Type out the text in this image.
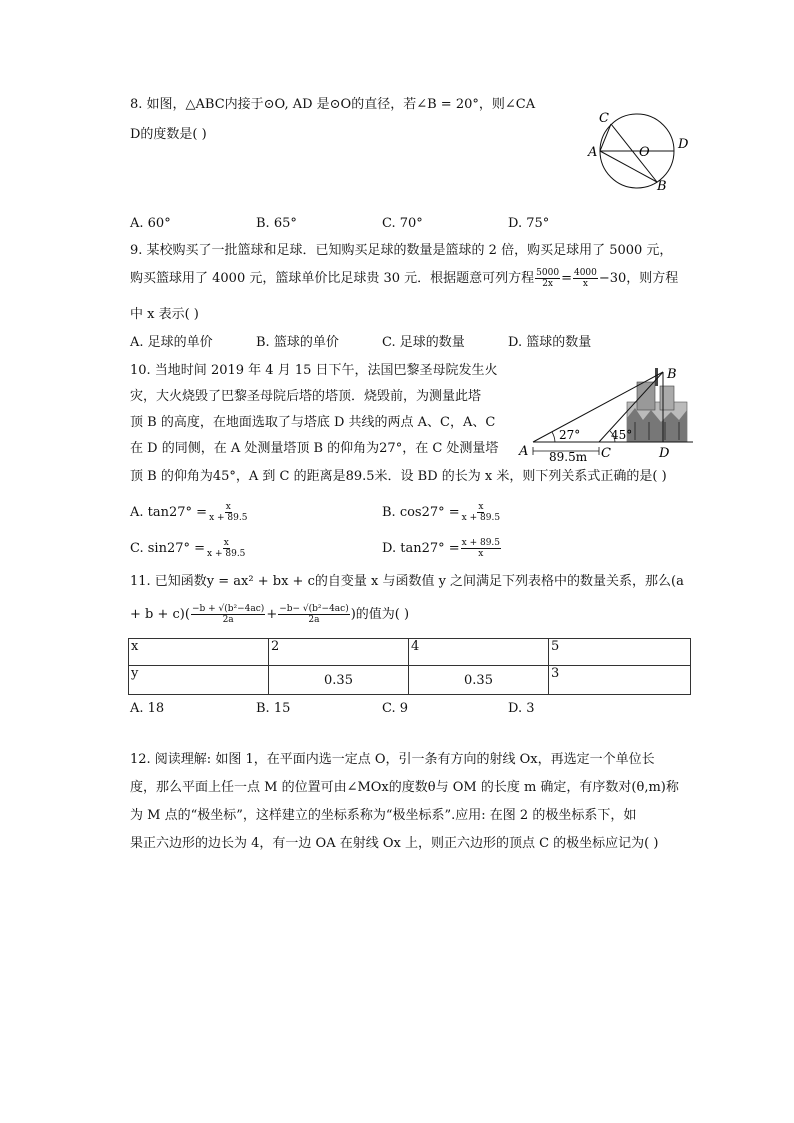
8. 如图，△ABC内接于⊙O, AD 是⊙O的直径，若∠B = 20°，则∠CA
D的度数是( )
A
B
C
D
O
A. 60°	B. 65°	C. 70°	D. 75°
9. 某校购买了一批篮球和足球．已知购买足球的数量是篮球的 2 倍，购买足球用了 5000 元，
购买篮球用了 4000 元，篮球单价比足球贵 30 元．根据题意可列方程 $\frac{5000}{2x} = \frac{4000}{x} -30$，则方程
中 x 表示( )
A. 足球的单价	B. 篮球的单价	C. 足球的数量	D. 篮球的数量
10. 当地时间 2019 年 4 月 15 日下午，法国巴黎圣母院发生火
灾，大火烧毁了巴黎圣母院后塔的塔顶．烧毁前，为测量此塔
顶 B 的高度，在地面选取了与塔底 D 共线的两点 A、C，A、C
在 D 的同侧，在 A 处测量塔顶 B 的仰角为27°，在 C 处测量塔
顶 B 的仰角为45°，A 到 C 的距离是89.5米．设 BD 的长为 x 米，则下列关系式正确的是( )
27°	45°
89.5m
A
B
C	D
A. $\tan 27^\circ = \frac{x}{x + 89.5}$	B. $\cos 27^\circ = \frac{x}{x + 89.5}$
C. $\sin 27^\circ = \frac{x}{x + 89.5}$	D. $\tan 27^\circ = \frac{x + 89.5}{x}$
11. 已知函数y = ax² + bx + c的自变量 x 与函数值 y 之间满足下列表格中的数量关系，那么(a
+ $b + c)( \frac{\text{−b + √(b²−4ac)}}{2a} + \frac{\text{−b− √(b²−4ac)}}{2a}$ )的值为( )
x	2	4	5
y	0.35	0.35	3
A. 18	B. 15	C. 9	D. 3
12. 阅读理解: 如图 1，在平面内选一定点 O，引一条有方向的射线 Ox，再选定一个单位长
度，那么平面上任一点 M 的位置可由∠MOx的度数θ与 OM 的长度 m 确定，有序数对(θ,m)称
为 M 点的“极坐标”，这样建立的坐标系称为“极坐标系”.应用: 在图 2 的极坐标系下，如
果正六边形的边长为 4，有一边 OA 在射线 Ox 上，则正六边形的顶点 C 的极坐标应记为( )
